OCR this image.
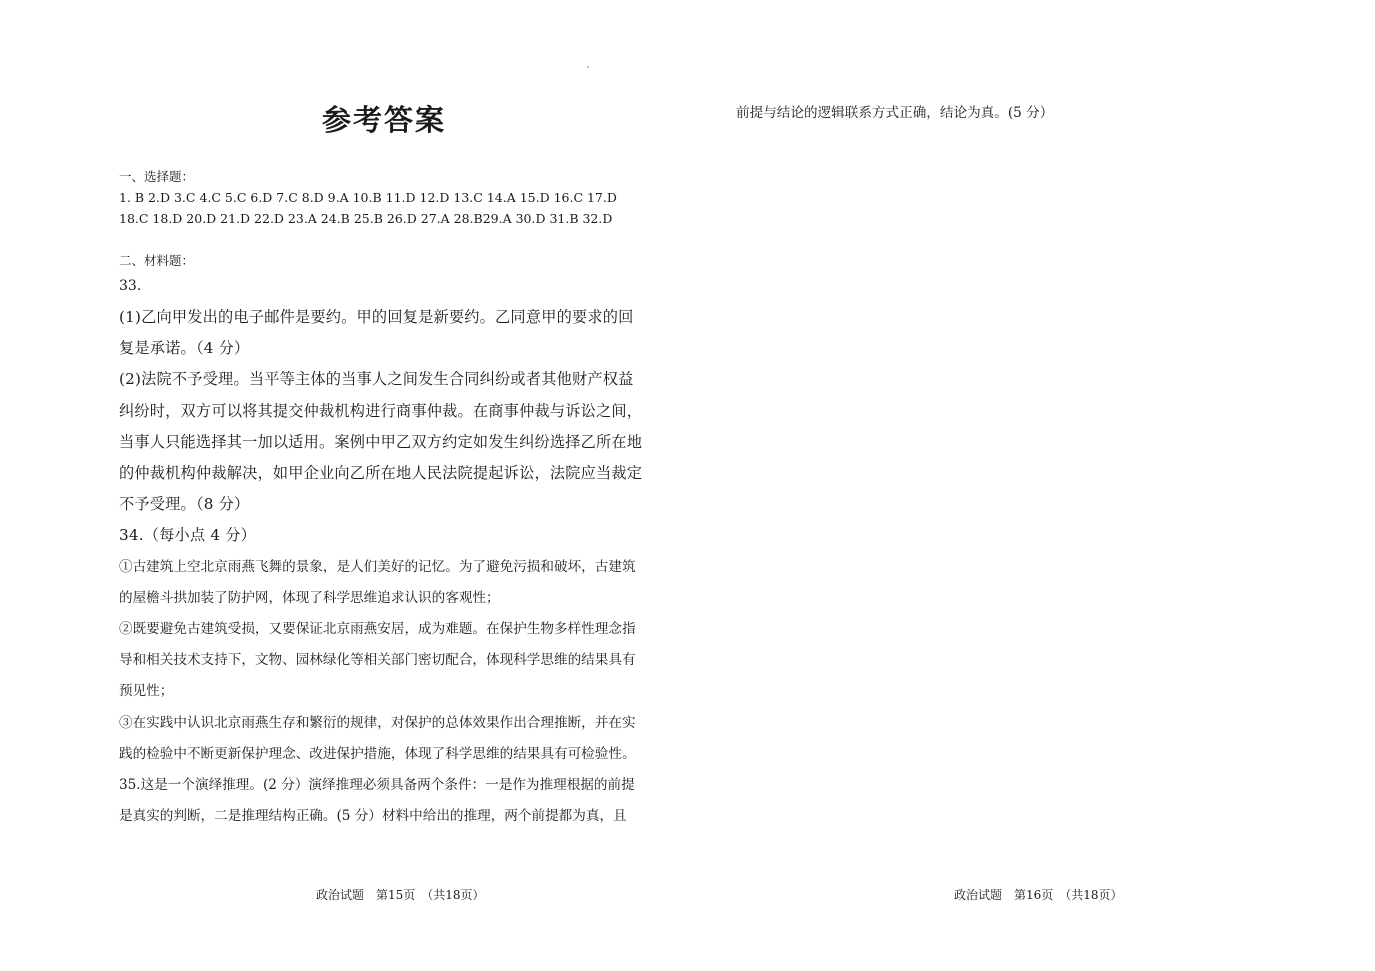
参考答案

一、选择题：

1. B 2.D 3.C 4.C 5.C 6.D 7.C 8.D 9.A 10.B 11.D 12.D 13.C 14.A 15.D 16.C 17.D

18.C 18.D 20.D 21.D 22.D 23.A 24.B 25.B 26.D 27.A 28.B29.A 30.D 31.B 32.D

二、材料题：

33.

(1)乙向甲发出的电子邮件是要约。甲的回复是新要约。乙同意甲的要求的回复是承诺。（4 分）

(2)法院不予受理。当平等主体的当事人之间发生合同纠纷或者其他财产权益纠纷时，双方可以将其提交仲裁机构进行商事仲裁。在商事仲裁与诉讼之间，当事人只能选择其一加以适用。案例中甲乙双方约定如发生纠纷选择乙所在地的仲裁机构仲裁解决，如甲企业向乙所在地人民法院提起诉讼，法院应当裁定不予受理。（8 分）

34.（每小点 4 分）

①古建筑上空北京雨燕飞舞的景象，是人们美好的记忆。为了避免污损和破坏，古建筑的屋檐斗拱加装了防护网，体现了科学思维追求认识的客观性；

②既要避免古建筑受损，又要保证北京雨燕安居，成为难题。在保护生物多样性理念指导和相关技术支持下，文物、园林绿化等相关部门密切配合，体现科学思维的结果具有预见性；

③在实践中认识北京雨燕生存和繁衍的规律，对保护的总体效果作出合理推断，并在实践的检验中不断更新保护理念、改进保护措施，体现了科学思维的结果具有可检验性。

35.这是一个演绎推理。(2 分）演绎推理必须具备两个条件：一是作为推理根据的前提是真实的判断，二是推理结构正确。(5 分）材料中给出的推理，两个前提都为真，且

政治试题　第15页　（共18页）

前提与结论的逻辑联系方式正确，结论为真。(5 分）

政治试题　第16页　（共18页）
